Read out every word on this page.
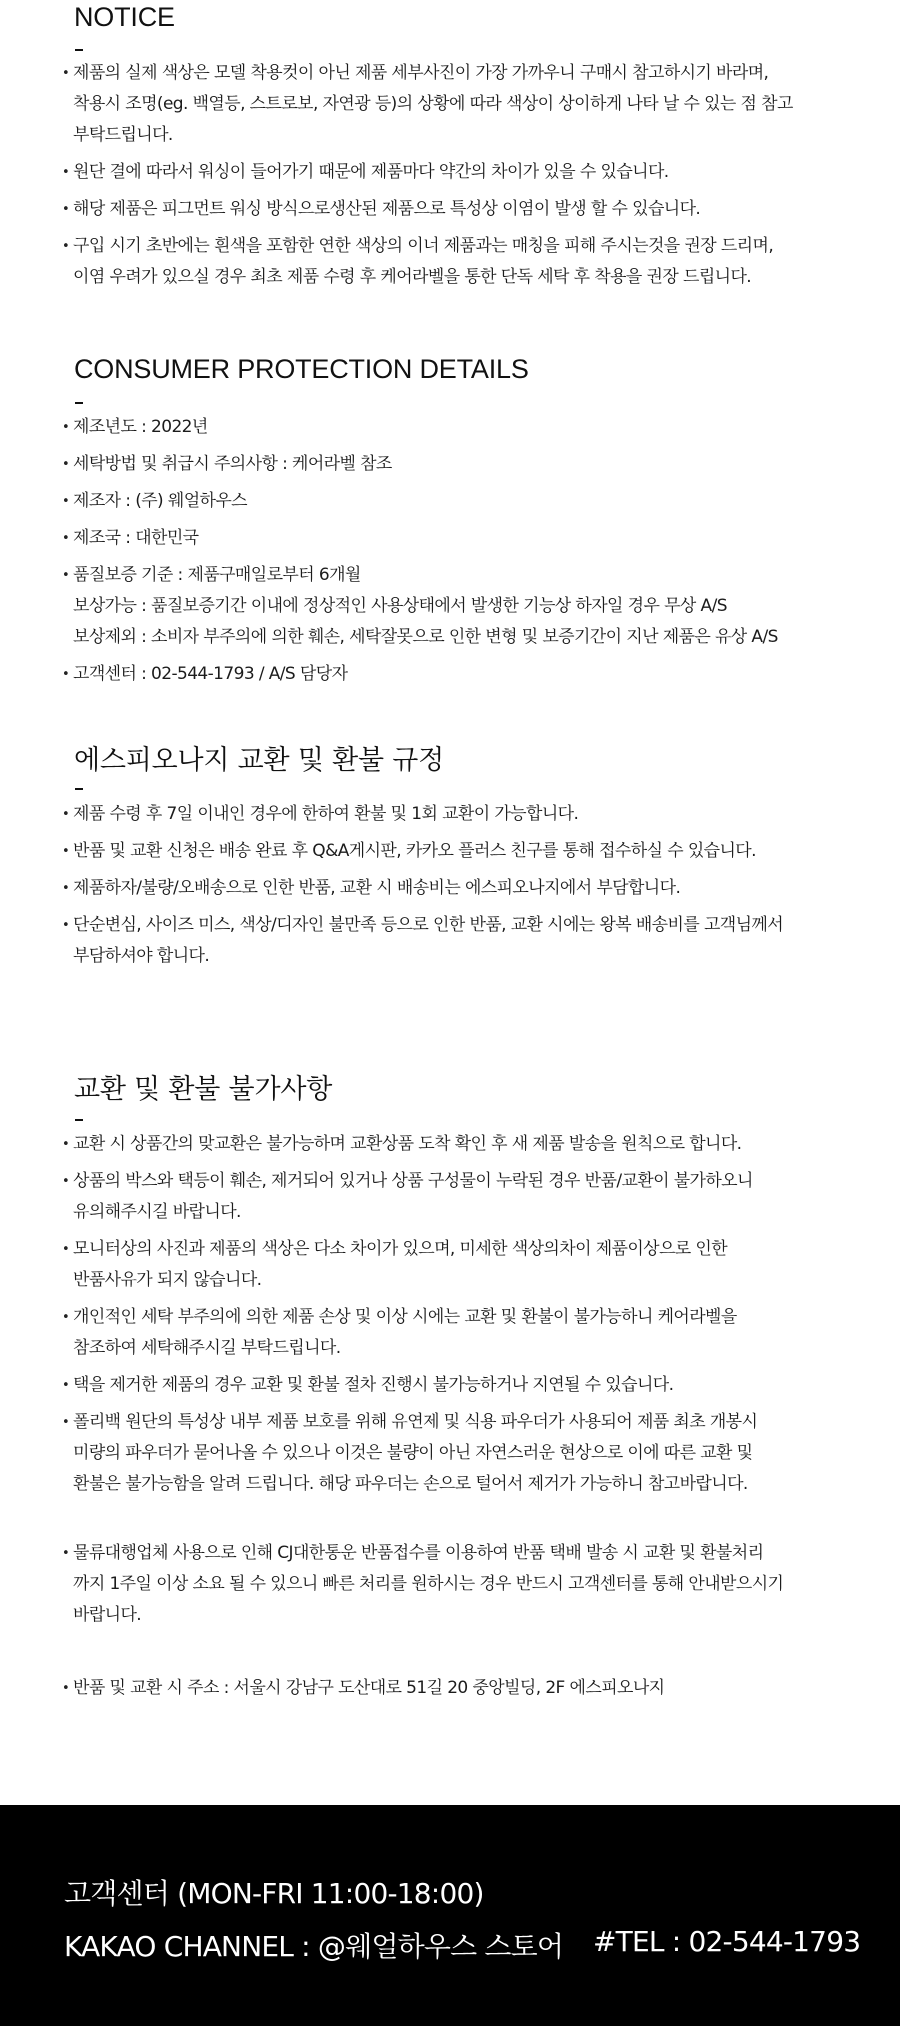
NOTICE
• 제품의 실제 색상은 모델 착용컷이 아닌 제품 세부사진이 가장 가까우니 구매시 참고하시기 바라며,
착용시 조명(eg. 백열등, 스트로보, 자연광 등)의 상황에 따라 색상이 상이하게 나타 날 수 있는 점 참고
부탁드립니다.
• 원단 결에 따라서 워싱이 들어가기 때문에 제품마다 약간의 차이가 있을 수 있습니다.
• 해당 제품은 피그먼트 워싱 방식으로생산된 제품으로 특성상 이염이 발생 할 수 있습니다.
• 구입 시기 초반에는 흰색을 포함한 연한 색상의 이너 제품과는 매칭을 피해 주시는것을 권장 드리며,
이염 우려가 있으실 경우 최초 제품 수령 후 케어라벨을 통한 단독 세탁 후 착용을 권장 드립니다.
CONSUMER PROTECTION DETAILS
• 제조년도 : 2022년
• 세탁방법 및 취급시 주의사항 : 케어라벨 참조
• 제조자 : (주) 웨얼하우스
• 제조국 : 대한민국
• 품질보증 기준 : 제품구매일로부터 6개월
보상가능 : 품질보증기간 이내에 정상적인 사용상태에서 발생한 기능상 하자일 경우 무상 A/S
보상제외 : 소비자 부주의에 의한 훼손, 세탁잘못으로 인한 변형 및 보증기간이 지난 제품은 유상 A/S
• 고객센터 : 02-544-1793 / A/S 담당자
에스피오나지 교환 및 환불 규정
• 제품 수령 후 7일 이내인 경우에 한하여 환불 및 1회 교환이 가능합니다.
• 반품 및 교환 신청은 배송 완료 후 Q&A게시판, 카카오 플러스 친구를 통해 접수하실 수 있습니다.
• 제품하자/불량/오배송으로 인한 반품, 교환 시 배송비는 에스피오나지에서 부담합니다.
• 단순변심, 사이즈 미스, 색상/디자인 불만족 등으로 인한 반품, 교환 시에는 왕복 배송비를 고객님께서
부담하셔야 합니다.
교환 및 환불 불가사항
• 교환 시 상품간의 맞교환은 불가능하며 교환상품 도착 확인 후 새 제품 발송을 원칙으로 합니다.
• 상품의 박스와 택등이 훼손, 제거되어 있거나 상품 구성물이 누락된 경우 반품/교환이 불가하오니
유의해주시길 바랍니다.
• 모니터상의 사진과 제품의 색상은 다소 차이가 있으며, 미세한 색상의차이 제품이상으로 인한
반품사유가 되지 않습니다.
• 개인적인 세탁 부주의에 의한 제품 손상 및 이상 시에는 교환 및 환불이 불가능하니 케어라벨을
참조하여 세탁해주시길 부탁드립니다.
• 택을 제거한 제품의 경우 교환 및 환불 절차 진행시 불가능하거나 지연될 수 있습니다.
• 폴리백 원단의 특성상 내부 제품 보호를 위해 유연제 및 식용 파우더가 사용되어 제품 최초 개봉시
미량의 파우더가 묻어나올 수 있으나 이것은 불량이 아닌 자연스러운 현상으로 이에 따른 교환 및
환불은 불가능함을 알려 드립니다. 해당 파우더는 손으로 털어서 제거가 가능하니 참고바랍니다.
• 물류대행업체 사용으로 인해 CJ대한통운 반품접수를 이용하여 반품 택배 발송 시 교환 및 환불처리
까지 1주일 이상 소요 될 수 있으니 빠른 처리를 원하시는 경우 반드시 고객센터를 통해 안내받으시기
바랍니다.
• 반품 및 교환 시 주소 : 서울시 강남구 도산대로 51길 20 중앙빌딩, 2F 에스피오나지
고객센터 (MON-FRI 11:00-18:00)
KAKAO CHANNEL : @웨얼하우스 스토어 #TEL : 02-544-1793
